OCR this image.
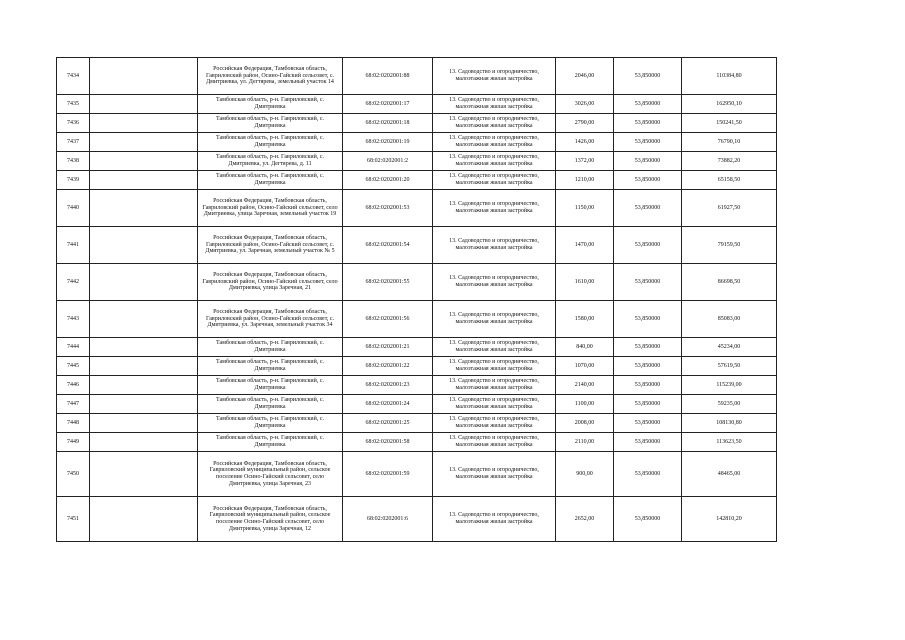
7434		Российская Федерация, Тамбовская область, Гавриловский район, Осино-Гайский сельсовет, с. Дмитриевка, ул. Дегтярева, земельный участок 14	68:02:0202001:88	13. Садоводство и огородничество, малоэтажная жилая застройка	2046,00	53,850000	110384,80
7435		Тамбовская область, р-н. Гавриловский, с. Дмитриевка	68:02:0202001:17	13. Садоводство и огородничество, малоэтажная жилая застройка	3026,00	53,850000	162950,10
7436		Тамбовская область, р-н. Гавриловский, с. Дмитриевка	68:02:0202001:18	13. Садоводство и огородничество, малоэтажная жилая застройка	2790,00	53,850000	150241,50
7437		Тамбовская область, р-н. Гавриловский, с. Дмитриевка	68:02:0202001:19	13. Садоводство и огородничество, малоэтажная жилая застройка	1426,00	53,850000	76790,10
7438		Тамбовская область, р-н. Гавриловский, с. Дмитриевка, ул. Дегтярева, д. 11	68:02:0202001:2	13. Садоводство и огородничество, малоэтажная жилая застройка	1372,00	53,850000	73882,20
7439		Тамбовская область, р-н. Гавриловский, с. Дмитриевка	68:02:0202001:20	13. Садоводство и огородничество, малоэтажная жилая застройка	1210,00	53,850000	65158,50
7440		Российская Федерация, Тамбовская область, Гавриловский район, Осино-Гайский сельсовет, село Дмитриевка, улица Заречная, земельный участок 19	68:02:0202001:53	13. Садоводство и огородничество, малоэтажная жилая застройка	1150,00	53,850000	61927,50
7441		Российская Федерация, Тамбовская область, Гавриловский район, Осино-Гайский сельсовет, с. Дмитриевка, ул. Заречная, земельный участок № 5	68:02:0202001:54	13. Садоводство и огородничество, малоэтажная жилая застройка	1470,00	53,850000	79159,50
7442		Российская Федерация, Тамбовская область, Гавриловский район, Осино-Гайский сельсовет, село Дмитриевка, улица Заречная, 21	68:02:0202001:55	13. Садоводство и огородничество, малоэтажная жилая застройка	1610,00	53,850000	86698,50
7443		Российская Федерация, Тамбовская область, Гавриловский район, Осино-Гайский сельсовет, с. Дмитриевка, ул. Заречная, земельный участок 34	68:02:0202001:56	13. Садоводство и огородничество, малоэтажная жилая застройка	1580,00	53,850000	85083,00
7444		Тамбовская область, р-н. Гавриловский, с. Дмитриевка	68:02:0202001:21	13. Садоводство и огородничество, малоэтажная жилая застройка	840,00	53,850000	45234,00
7445		Тамбовская область, р-н. Гавриловский, с. Дмитриевка	68:02:0202001:22	13. Садоводство и огородничество, малоэтажная жилая застройка	1070,00	53,850000	57619,50
7446		Тамбовская область, р-н. Гавриловский, с. Дмитриевка	68:02:0202001:23	13. Садоводство и огородничество, малоэтажная жилая застройка	2140,00	53,850000	115239,00
7447		Тамбовская область, р-н. Гавриловский, с. Дмитриевка	68:02:0202001:24	13. Садоводство и огородничество, малоэтажная жилая застройка	1100,00	53,850000	59235,00
7448		Тамбовская область, р-н. Гавриловский, с. Дмитриевка	68:02:0202001:25	13. Садоводство и огородничество, малоэтажная жилая застройка	2008,00	53,850000	108130,80
7449		Тамбовская область, р-н. Гавриловский, с. Дмитриевка	68:02:0202001:58	13. Садоводство и огородничество, малоэтажная жилая застройка	2110,00	53,850000	113623,50
7450		Российская Федерация, Тамбовская область, Гавриловский муниципальный район, сельское поселение Осино-Гайский сельсовет, село Дмитриевка, улица Заречная, 23	68:02:0202001:59	13. Садоводство и огородничество, малоэтажная жилая застройка	900,00	53,850000	48465,00
7451		Российская Федерация, Тамбовская область, Гавриловский муниципальный район, сельское поселение Осино-Гайский сельсовет, село Дмитриевка, улица Заречная, 12	68:02:0202001:6	13. Садоводство и огородничество, малоэтажная жилая застройка	2652,00	53,850000	142810,20
